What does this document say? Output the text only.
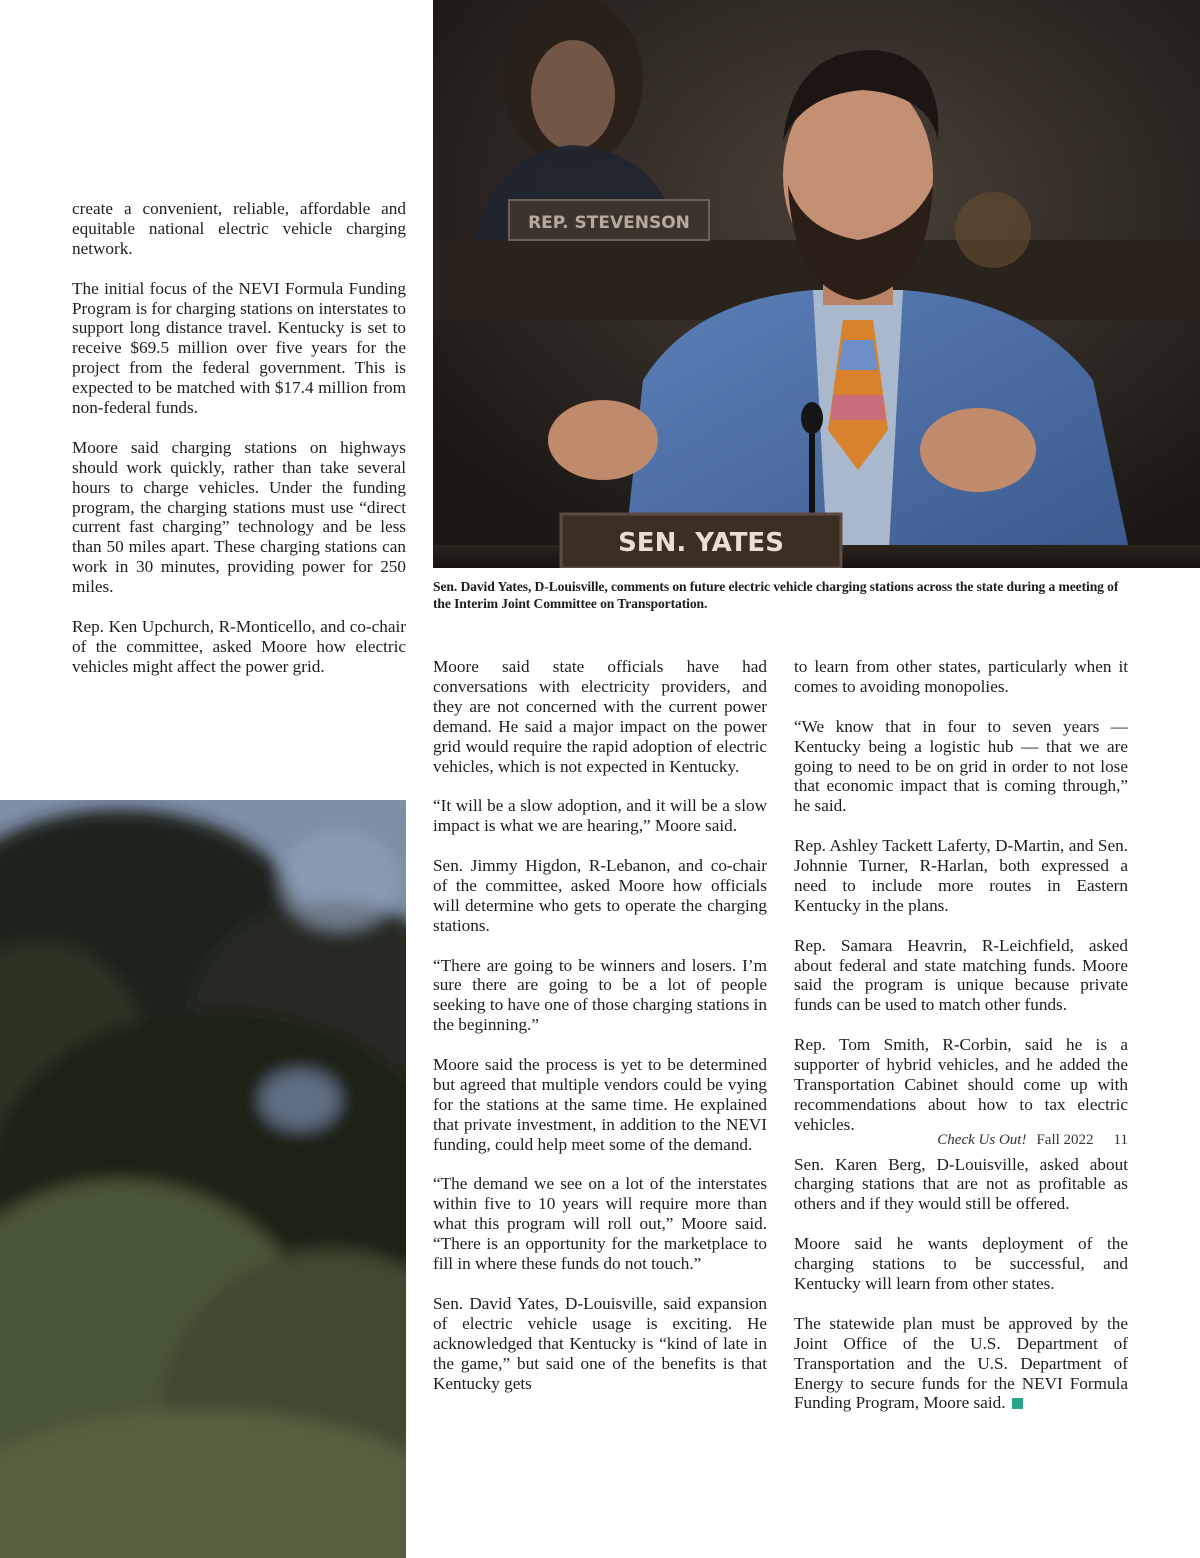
create a convenient, reliable, affordable and equitable national electric vehicle charging network.

The initial focus of the NEVI Formula Funding Program is for charging stations on interstates to support long distance travel. Kentucky is set to receive $69.5 million over five years for the project from the federal government. This is expected to be matched with $17.4 million from non-federal funds.

Moore said charging stations on highways should work quickly, rather than take several hours to charge vehicles. Under the funding program, the charging stations must use “direct current fast charging” technology and be less than 50 miles apart. These charging stations can work in 30 minutes, providing power for 250 miles.

Rep. Ken Upchurch, R-Monticello, and co-chair of the committee, asked Moore how electric vehicles might affect the power grid.

REP. STEVENSON
SEN. YATES
Sen. David Yates, D-Louisville, comments on future electric vehicle charging stations across the state during a meeting of the Interim Joint Committee on Transportation.

Moore said state officials have had conversations with electricity providers, and they are not concerned with the current power demand. He said a major impact on the power grid would require the rapid adoption of electric vehicles, which is not expected in Kentucky.

“It will be a slow adoption, and it will be a slow impact is what we are hearing,” Moore said.

Sen. Jimmy Higdon, R-Lebanon, and co-chair of the committee, asked Moore how officials will determine who gets to operate the charging stations.

“There are going to be winners and losers. I’m sure there are going to be a lot of people seeking to have one of those charging stations in the beginning.”

Moore said the process is yet to be determined but agreed that multiple vendors could be vying for the stations at the same time. He explained that private investment, in addition to the NEVI funding, could help meet some of the demand.

“The demand we see on a lot of the interstates within five to 10 years will require more than what this program will roll out,” Moore said. “There is an opportunity for the marketplace to fill in where these funds do not touch.”

Sen. David Yates, D-Louisville, said expansion of electric vehicle usage is exciting. He acknowledged that Kentucky is “kind of late in the game,” but said one of the benefits is that Kentucky gets

to learn from other states, particularly when it comes to avoiding monopolies.

“We know that in four to seven years — Kentucky being a logistic hub — that we are going to need to be on grid in order to not lose that economic impact that is coming through,” he said.

Rep. Ashley Tackett Laferty, D-Martin, and Sen. Johnnie Turner, R-Harlan, both expressed a need to include more routes in Eastern Kentucky in the plans.

Rep. Samara Heavrin, R-Leichfield, asked about federal and state matching funds. Moore said the program is unique because private funds can be used to match other funds.

Rep. Tom Smith, R-Corbin, said he is a supporter of hybrid vehicles, and he added the Transportation Cabinet should come up with recommendations about how to tax electric vehicles.

Sen. Karen Berg, D-Louisville, asked about charging stations that are not as profitable as others and if they would still be offered.

Moore said he wants deployment of the charging stations to be successful, and Kentucky will learn from other states.

The statewide plan must be approved by the Joint Office of the U.S. Department of Transportation and the U.S. Department of Energy to secure funds for the NEVI Formula Funding Program, Moore said.

Check Us Out! Fall 2022 11
